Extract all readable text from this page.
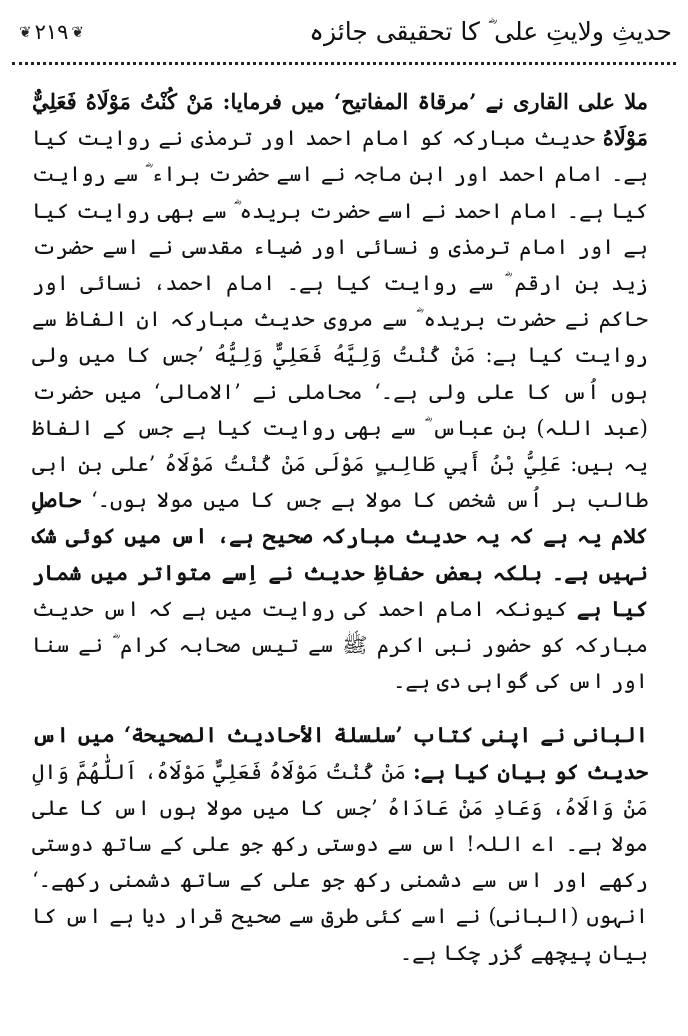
❦ ۲۱۹ ❦	حدیثِ ولایتِ علی ؓ کا تحقیقی جائزہ

ملا علی القاری نے ’مرقاۃ المفاتیح‘ میں فرمایا: مَنْ کُنْتُ مَوْلَاهُ فَعَلِيٌّ مَوْلَاهُ حدیث مبارکہ کو امام احمد اور ترمذی نے روایت کیا ہے۔ امام احمد اور ابن ماجہ نے اسے حضرت براء ؓ سے روایت کیا ہے۔ امام احمد نے اسے حضرت بریدہ ؓ سے بھی روایت کیا ہے اور امام ترمذی و نسائی اور ضیاء مقدسی نے اسے حضرت زید بن ارقم ؓ سے روایت کیا ہے۔ امام احمد، نسائی اور حاکم نے حضرت بریدہ ؓ سے مروی حدیث مبارکہ ان الفاظ سے روایت کیا ہے: مَنْ کُنْتُ وَلِيَّهُ فَعَلِيٌّ وَلِيُّهُ ’جس کا میں ولی ہوں اُس کا علی ولی ہے۔‘ محاملی نے ’الامالی‘ میں حضرت (عبد اللہ) بن عباس ؓ سے بھی روایت کیا ہے جس کے الفاظ یہ ہیں: عَلِيُّ بْنُ أَبِي طَالِبٍ مَوْلَی مَنْ کُنْتُ مَوْلَاهُ ’علی بن ابی طالب ہر اُس شخص کا مولا ہے جس کا میں مولا ہوں۔‘ حاصلِ کلام یہ ہے کہ یہ حدیث مبارکہ صحیح ہے، اس میں کوئی شک نہیں ہے۔ بلکہ بعض حفاظِ حدیث نے اِسے متواتر میں شمار کیا ہے کیونکہ امام احمد کی روایت میں ہے کہ اس حدیث مبارکہ کو حضور نبی اکرم ﷺ سے تیس صحابہ کرام ؓ نے سنا اور اس کی گواہی دی ہے۔

البانی نے اپنی کتاب ’سلسلة الأحاديث الصحيحة‘ میں اس حدیث کو بیان کیا ہے: مَنْ کُنْتُ مَوْلَاهُ فَعَلِيٌّ مَوْلَاهُ، اَللّٰهُمَّ وَالِ مَنْ وَالَاهُ، وَعَادِ مَنْ عَادَاهُ ’جس کا میں مولا ہوں اس کا علی مولا ہے۔ اے اللہ! اس سے دوستی رکھ جو علی کے ساتھ دوستی رکھے اور اس سے دشمنی رکھ جو علی کے ساتھ دشمنی رکھے۔‘ انہوں (البانی) نے اسے کئی طرق سے صحیح قرار دیا ہے اس کا بیان پیچھے گزر چکا ہے۔
